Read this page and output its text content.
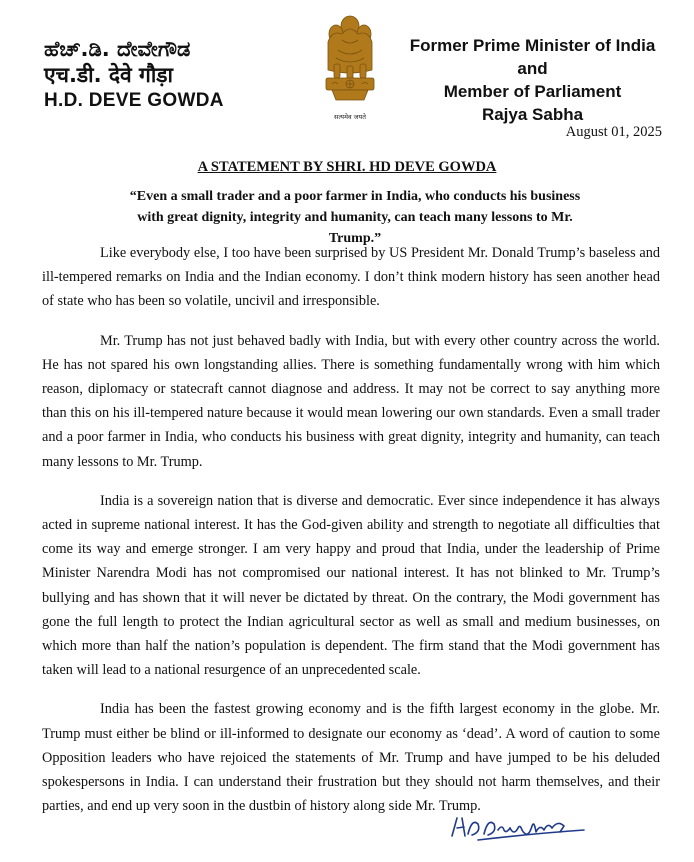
ಹೆಚ್.ಡಿ. ದೇವೇಗೌಡ
एच.डी. देवे गौड़ा
H.D. DEVE GOWDA
सत्यमेव जयते
Former Prime Minister of India
and
Member of Parliament
Rajya Sabha
August 01, 2025
A STATEMENT BY SHRI. HD DEVE GOWDA
“Even a small trader and a poor farmer in India, who conducts his business with great dignity, integrity and humanity, can teach many lessons to Mr. Trump.”

Like everybody else, I too have been surprised by US President Mr. Donald Trump’s baseless and ill-tempered remarks on India and the Indian economy. I don’t think modern history has seen another head of state who has been so volatile, uncivil and irresponsible.

Mr. Trump has not just behaved badly with India, but with every other country across the world. He has not spared his own longstanding allies. There is something fundamentally wrong with him which reason, diplomacy or statecraft cannot diagnose and address. It may not be correct to say anything more than this on his ill-tempered nature because it would mean lowering our own standards. Even a small trader and a poor farmer in India, who conducts his business with great dignity, integrity and humanity, can teach many lessons to Mr. Trump.

India is a sovereign nation that is diverse and democratic. Ever since independence it has always acted in supreme national interest. It has the God-given ability and strength to negotiate all difficulties that come its way and emerge stronger. I am very happy and proud that India, under the leadership of Prime Minister Narendra Modi has not compromised our national interest. It has not blinked to Mr. Trump’s bullying and has shown that it will never be dictated by threat. On the contrary, the Modi government has gone the full length to protect the Indian agricultural sector as well as small and medium businesses, on which more than half the nation’s population is dependent. The firm stand that the Modi government has taken will lead to a national resurgence of an unprecedented scale.

India has been the fastest growing economy and is the fifth largest economy in the globe. Mr. Trump must either be blind or ill-informed to designate our economy as ‘dead’. A word of caution to some Opposition leaders who have rejoiced the statements of Mr. Trump and have jumped to be his deluded spokespersons in India. I can understand their frustration but they should not harm themselves, and their parties, and end up very soon in the dustbin of history along side Mr. Trump.
